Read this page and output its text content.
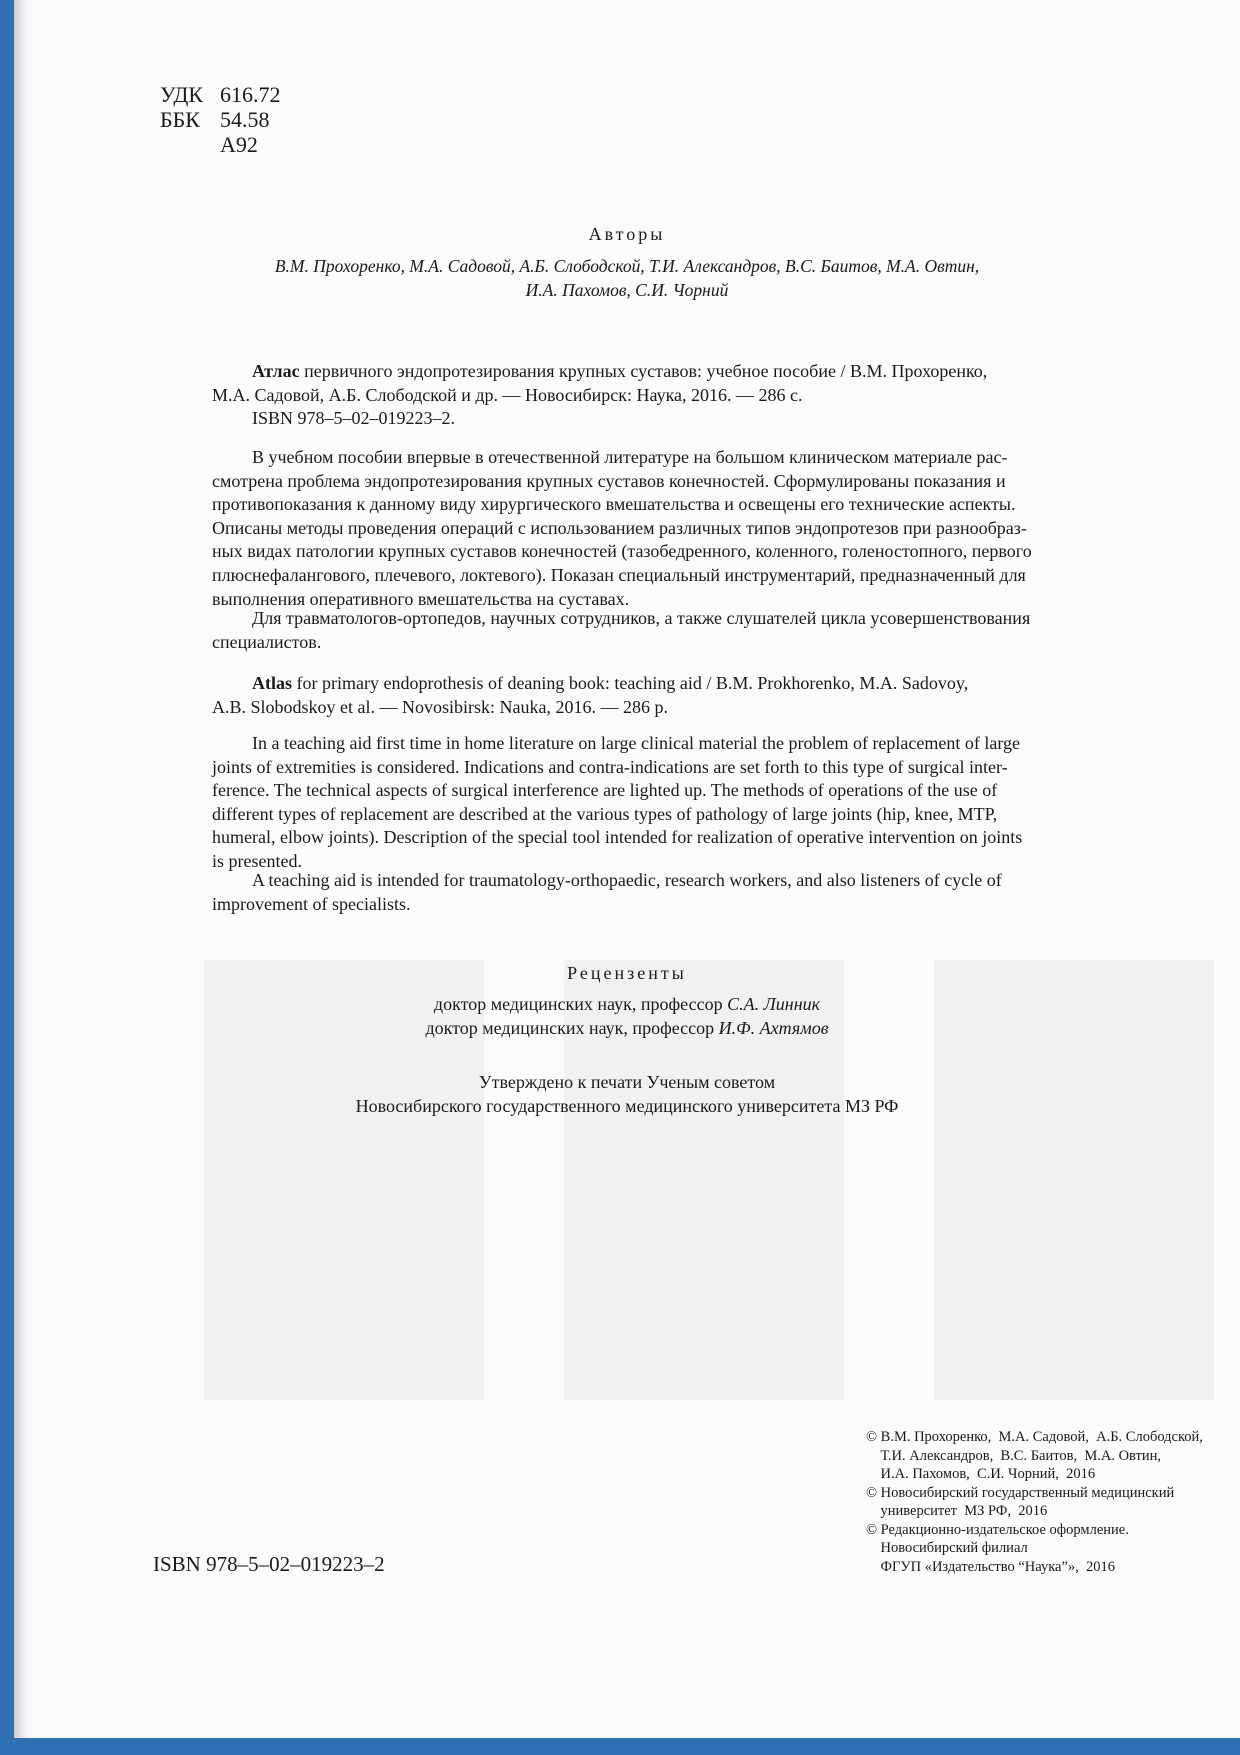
УДК 616.72
ББК 54.58
А92
Авторы
В.М. Прохоренко, М.А. Садовой, А.Б. Слободской, Т.И. Александров, В.С. Баитов, М.А. Овтин,
И.А. Пахомов, С.И. Чорний

Атлас первичного эндопротезирования крупных суставов: учебное пособие / В.М. Прохоренко,

М.А. Садовой, А.Б. Слободской и др. — Новосибирск: Наука, 2016. — 286 с.

ISBN 978–5–02–019223–2.

В учебном пособии впервые в отечественной литературе на большом клиническом материале рас-

смотрена проблема эндопротезирования крупных суставов конечностей. Сформулированы показания и

противопоказания к данному виду хирургического вмешательства и освещены его технические аспекты.

Описаны методы проведения операций с использованием различных типов эндопротезов при разнообраз-

ных видах патологии крупных суставов конечностей (тазобедренного, коленного, голеностопного, первого

плюснефалангового, плечевого, локтевого). Показан специальный инструментарий, предназначенный для

выполнения оперативного вмешательства на суставах.

Для травматологов-ортопедов, научных сотрудников, а также слушателей цикла усовершенствования

специалистов.

Atlas for primary endoprothesis of deaning book: teaching aid / B.M. Prokhorenko, M.A. Sadovoy,

A.B. Slobodskoy et al. — Novosibirsk: Nauka, 2016. — 286 p.

In a teaching aid first time in home literature on large clinical material the problem of replacement of large

joints of extremities is considered. Indications and contra-indications are set forth to this type of surgical inter-

ference. The technical aspects of surgical interference are lighted up. The methods of operations of the use of

different types of replacement are described at the various types of pathology of large joints (hip, knee, MTP,

humeral, elbow joints). Description of the special tool intended for realization of operative intervention on joints

is presented.

A teaching aid is intended for traumatology-orthopaedic, research workers, and also listeners of cycle of

improvement of specialists.

Рецензенты
доктор медицинских наук, профессор С.А. Линник
доктор медицинских наук, профессор И.Ф. Ахтямов
Утверждено к печати Ученым советом
Новосибирского государственного медицинского университета МЗ РФ
© В.М. Прохоренко,  М.А. Садовой,  А.Б. Слободской,
Т.И. Александров,  В.С. Баитов,  М.А. Овтин,
И.А. Пахомов,  С.И. Чорний,  2016
© Новосибирский государственный медицинский
университет  МЗ РФ,  2016
© Редакционно-издательское оформление.
Новосибирский филиал
ФГУП «Издательство “Наука”»,  2016
ISBN 978–5–02–019223–2
